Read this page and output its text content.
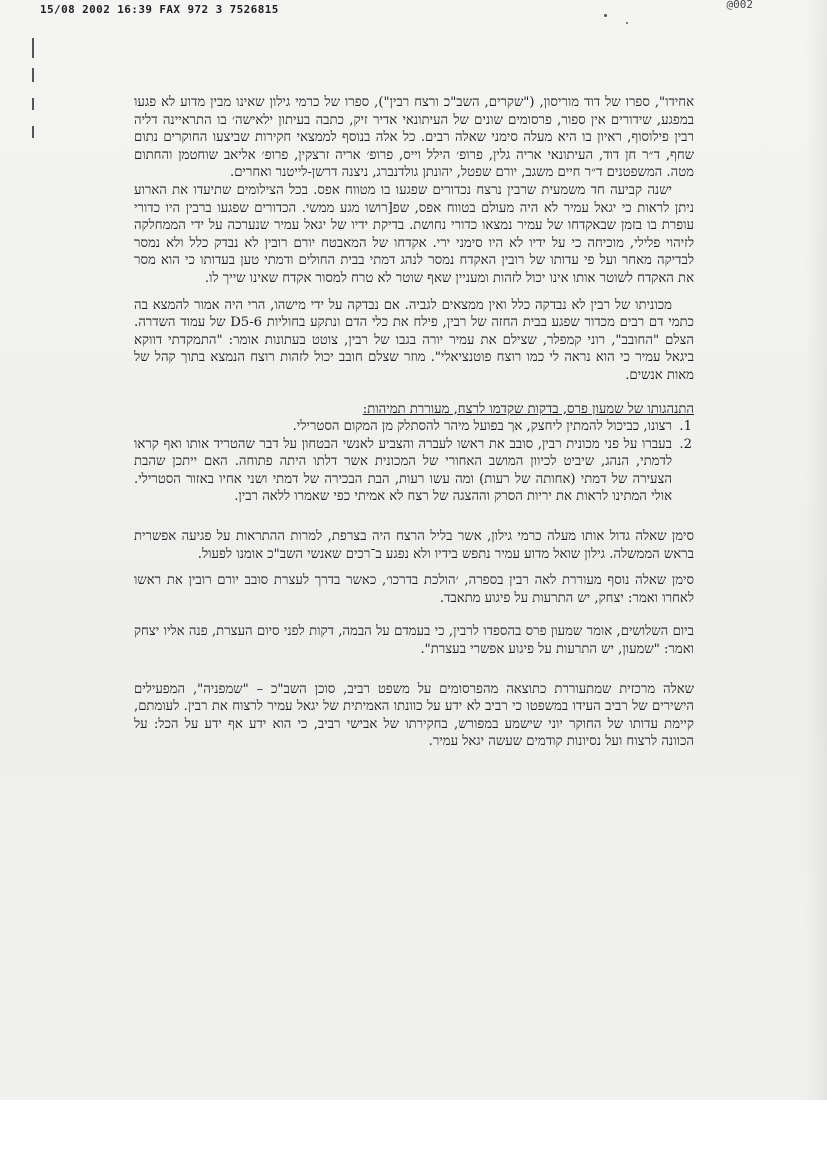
15/08 2002 16:39 FAX 972 3 7526815	@002

אחידו", ספרו של דוד מוריסון, ("שקרים, השב"כ ורצח רבין"), ספרו של כרמי גילון שאינו מבין מדוע לא פגעו במפגע, שידורים אין ספור, פרסומים שונים של העיתונאי אדיר זיק, כתבה בעיתון ילאישה׳ בו התראיינה דליה רבין פילוסוף, ראיון בו היא מעלה סימני שאלה רבים. כל אלה בנוסף לממצאי חקירות שביצעו החוקרים נתום שחף, ד״ר חן דוד, העיתונאי אריה גלין, פרופ׳ הילל וייס, פרופ׳ אריה זרצקין, פרופ׳ אליאב שוחטמן והחתום מטה. המשפטנים ד״ר חיים משגב, יורם שפטל, יהונתן גולדנברג, ניצנה דרשן-לייטנר ואחרים.

ישנה קביעה חד משמעית שרבין נרצח נכדורים שפגעו בו מטווח אפס. בכל הצילומים שתיעדו את הארוע ניתן לראות כי יגאל עמיר לא היה מעולם בטווח אפס, שפ[רושו מגע ממשי. הכדורים שפגעו ברבין היו כדורי עופרת בו בזמן שבאקדחו של עמיר נמצאו כדורי נחושת. בדיקת ידיו של יגאל עמיר שנערכה על ידי הממחלקה לזיהוי פלילי, מוכיחה כי על ידיו לא היו סימני ירי. אקדחו של המאבטח יורם רובין לא נבדק כלל ולא נמסר לבדיקה מאחר ועל פי עדותו של רובין האקדח נמסר לנהג דמתי בבית החולים ודמתי טען בעדותו כי הוא מסר את האקדח לשוטר אותו אינו יכול לזהות ומעניין שאף שוטר לא טרח למסור אקדח שאינו שייך לו.

מכוניתו של רבין לא נבדקה כלל ואין ממצאים לגביה. אם נבדקה על ידי מישהו, הרי היה אמור להמצא בה כתמי דם רבים מכדור שפגע בבית החזה של רבין, פילח את כלי הדם ונתקע בחוליות D5-6 של עמוד השדרה. הצלם "החובב", רוני קמפלר, שצילם את עמיר יורה בגבו של רבין, צוטט בעתונות אומר: "התמקדתי דווקא ביגאל עמיר כי הוא נראה לי כמו רוצח פוטנציאלי". מוזר שצלם חובב יכול לזהות רוצח הנמצא בתוך קהל של מאות אנשים.

התנהגותו של שמעון פרס, בדקות שקדמו לרצח, מעוררת תמיהות:

1.
רצונו, כביכול להמתין ליחצק, אך בפועל מיהר להסתלק מן המקום הסטרילי.
2.
בעברו על פני מכונית רבין, סובב את ראשו לעברה והצביע לאנשי הבטחון על דבר שהטריד אותו ואף קראו לדמתי, הנהג, שיביט לכיוון המושב האחורי של המכונית אשר דלתו היתה פתוחה. האם ייתכן שהבת הצעירה של דמתי (אחותה של רעות) ומה עשו רעות, הבת הבכירה של דמתי ושני אחיו באזור הסטרילי. אולי המתינו לראות את יריות הסרק וההצגה של רצח לא אמיתי כפי שאמרו ללאה רבין.

סימן שאלה גדול אותו מעלה כרמי גילון, אשר בליל הרצח היה בצרפת, למרות ההתראות על פגיעה אפשרית בראש הממשלה. גילון שואל מדוע עמיר נתפש בידיו ולא נפגע ב־רכים שאנשי השב"כ אומנו לפעול.

סימן שאלה נוסף מעוררת לאה רבין בספרה, ׳הולכת בדרכו׳, כאשר בדרך לעצרת סובב יורם רובין את ראשו לאחרו ואמר: יצחק, יש התרעות על פיגוע מתאבד.

ביום השלושים, אומר שמעון פרס בהספדו לרבין, כי בעמדם על הבמה, דקות לפני סיום העצרת, פנה אליו יצחק ואמר: "שמעון, יש התרעות על פיגוע אפשרי בעצרת".

שאלה מרכזית שמתעוררת כתוצאה מהפרסומים על משפט רביב, סוכן השב"כ – "שמפניה", המפעילים הישירים של רביב העידו במשפטו כי רביב לא ידע על כוונתו האמיתית של יגאל עמיר לרצוח את רבין. לעומתם, קיימת עדותו של החוקר יוני שישמע במפורש, בחקירתו של אבישי רביב, כי הוא ידע אף ידע על הכל: על הכוונה לרצוח ועל נסיונות קודמים שעשה יגאל עמיר.
